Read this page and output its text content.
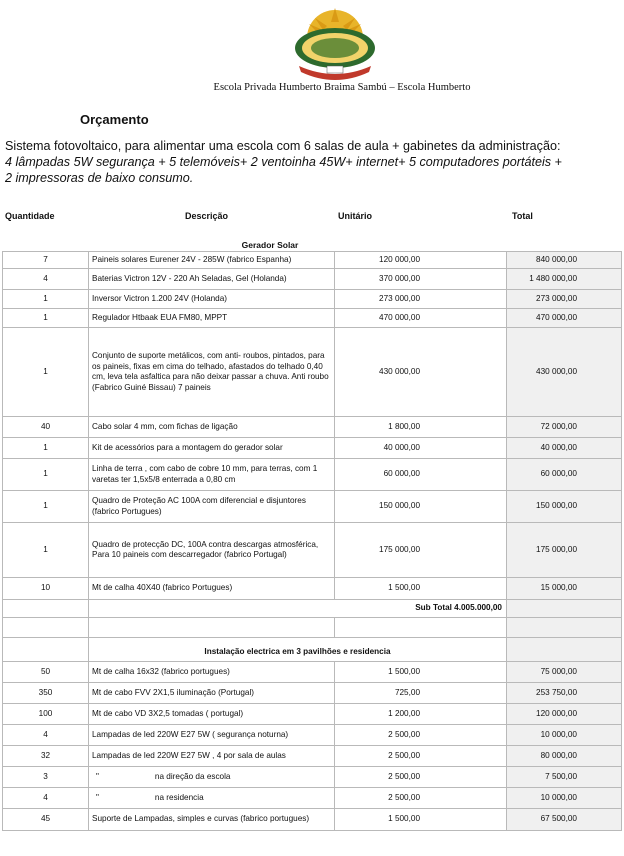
Escola Privada Humberto Braima Sambú – Escola Humberto
Orçamento
Sistema fotovoltaico, para alimentar uma escola com 6 salas de aula + gabinetes da administração:
4 lâmpadas 5W segurança + 5 telemóveis+ 2 ventoinha 45W+ internet+ 5 computadores portáteis +
2 impressoras de baixo consumo.
Quantidade	Descrição	Unitário	Total
Gerador Solar
7	Paineis solares Eurener 24V - 285W (fabrico Espanha)	120 000,00	840 000,00
4	Baterias Victron 12V - 220 Ah Seladas, Gel (Holanda)	370 000,00	1 480 000,00
1	Inversor Victron 1.200 24V (Holanda)	273 000,00	273 000,00
1	Regulador Htbaak EUA FM80, MPPT	470 000,00	470 000,00
1	Conjunto de suporte metálicos, com anti- roubos, pintados, para os paineis, fixas em cima do telhado, afastados do telhado 0,40 cm, leva tela asfaltica para não deixar passar a chuva. Anti roubo (Fabrico Guiné Bissau) 7 paineis	430 000,00	430 000,00
40	Cabo solar 4 mm, com fichas de ligação	1 800,00	72 000,00
1	Kit de acessórios para a montagem do gerador solar	40 000,00	40 000,00
1	Linha de terra , com cabo de cobre 10 mm, para terras, com 1 varetas ter 1,5x5/8 enterrada a 0,80 cm	60 000,00	60 000,00
1	Quadro de Proteção AC 100A com diferencial e disjuntores (fabrico Portugues)	150 000,00	150 000,00
1	Quadro de protecção DC, 100A contra descargas atmosférica, Para 10 paineis com descarregador (fabrico Portugal)	175 000,00	175 000,00
10	Mt de calha 40X40 (fabrico Portugues)	1 500,00	15 000,00
	Sub Total 4.005.000,00		

	Instalação electrica em 3 pavilhões e residencia		
50	Mt de calha 16x32 (fabrico portugues)	1 500,00	75 000,00
350	Mt de cabo FVV 2X1,5 iluminação (Portugal)	725,00	253 750,00
100	Mt de cabo VD 3X2,5 tomadas ( portugal)	1 200,00	120 000,00
4	Lampadas de led 220W E27 5W ( segurança noturna)	2 500,00	10 000,00
32	Lampadas de led 220W E27 5W , 4 por sala de aulas	2 500,00	80 000,00
3	" na direção da escola	2 500,00	7 500,00
4	" na residencia	2 500,00	10 000,00
45	Suporte de Lampadas, simples e curvas (fabrico portugues)	1 500,00	67 500,00
